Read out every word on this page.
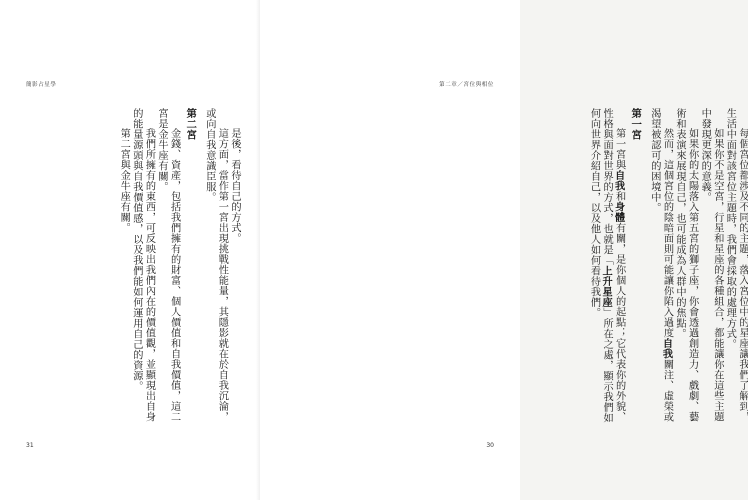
簡影占星學

是後，看待自己的方式。

這方面，當作第一宮出現挑戰性能量，其隱影就在於自我沉淪，或向自我意識臣服。

第二宮

金錢、資產，包括我們擁有的財富、個人價值和自我價值，這二宮是金牛座有關。

我們所擁有的東西，可反映出我們內在的價值觀，並顯現出自身的能量源頭與自我價值感，以及我們能如何運用自己的資源。

第二宮與金牛座有關。

31
第二章／宮位與相位

每個宮位都涉及不同的主題，落入宮位中的星座讓我們了解到，生活中面對該宮位主題時，我們會採取的處理方式。

如果你不是空宮，行星和星座的各種組合，都能讓你在這些主題中發現更深的意義。

如果你的太陽落入第五宮的獅子座，你會透過創造力、戲劇、藝術和表演來展現自己，也可能成為人群中的焦點。

然而，這個宮位的陰暗面則可能讓你陷入過度自我關注、虛榮或渴望被認可的困境中。

第一宮

第一宮與自我和身體有關，是你個人的起點；它代表你的外貌、性格與面對世界的方式，也就是「上升星座」所在之處，顯示我們如何向世界介紹自己，以及他人如何看待我們。

30
